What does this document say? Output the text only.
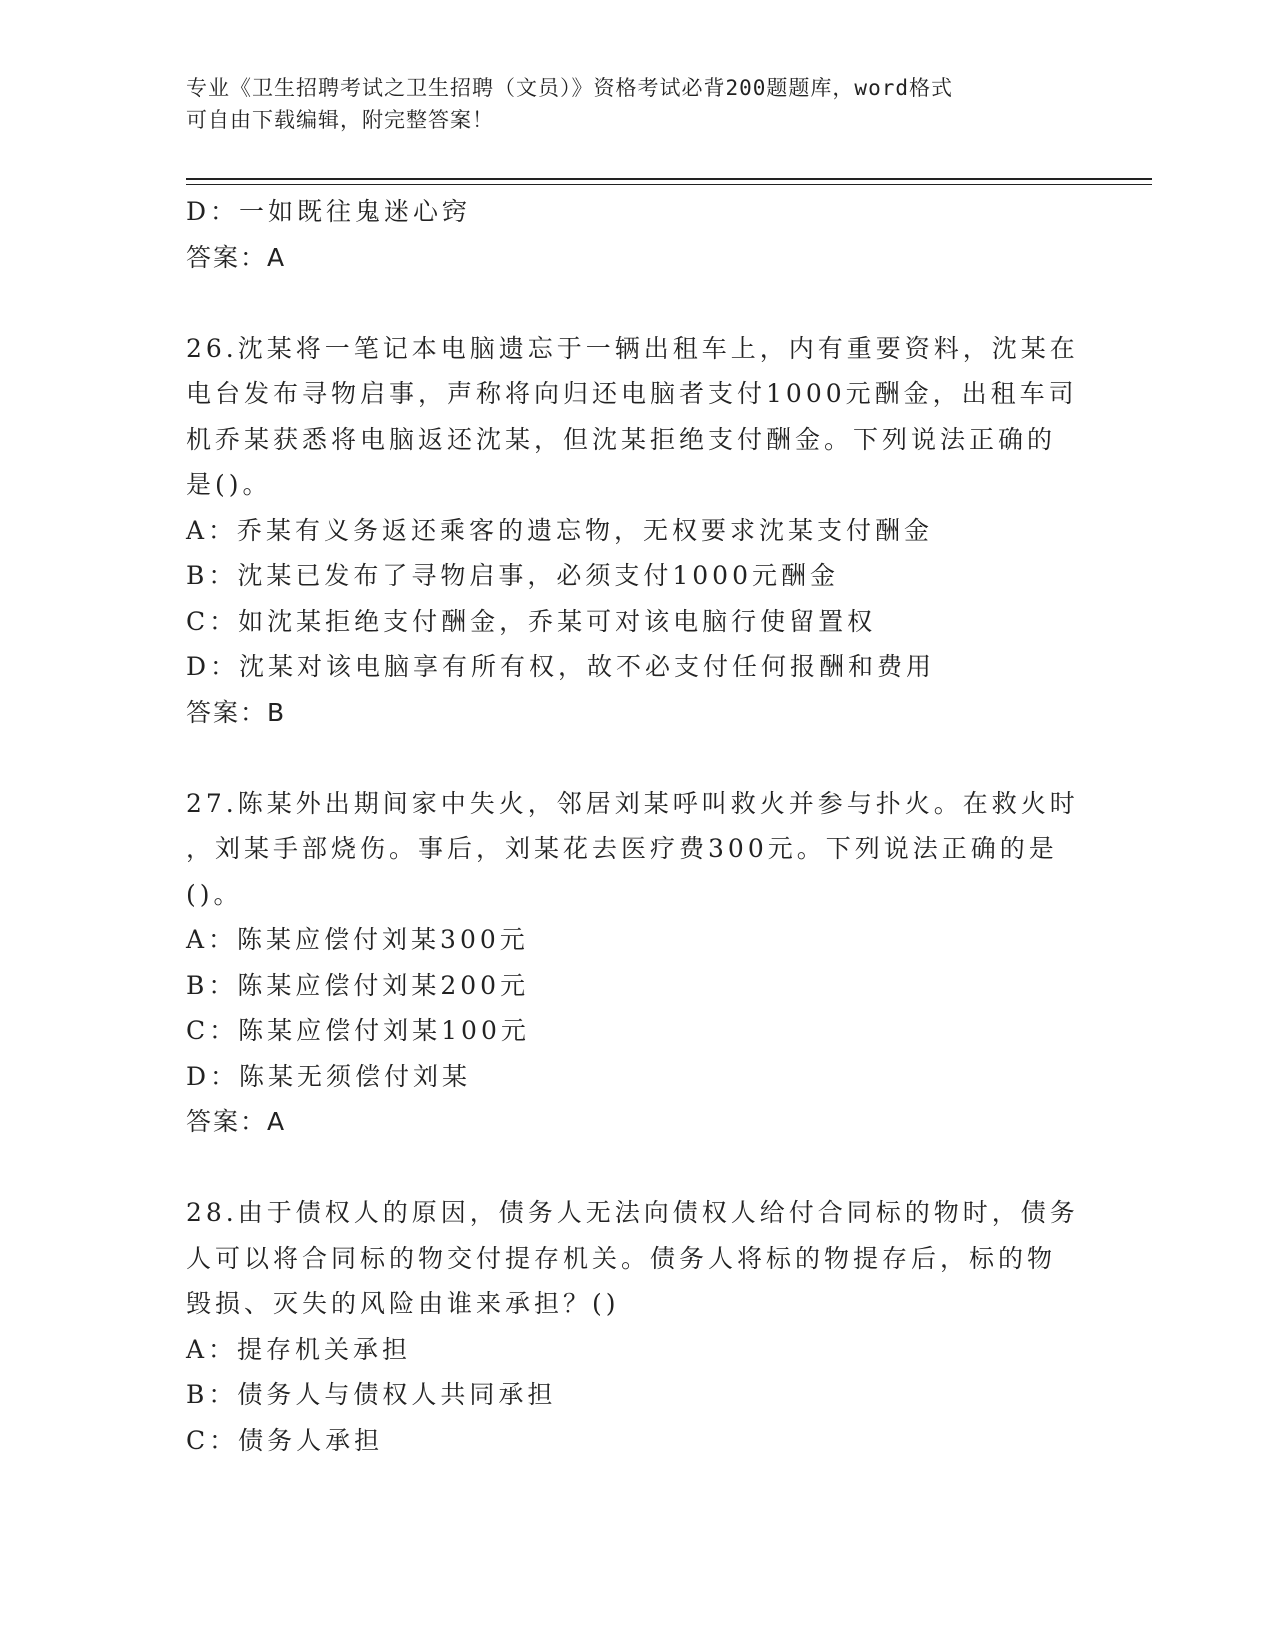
专业《卫生招聘考试之卫生招聘（文员）》资格考试必背200题题库，word格式
可自由下载编辑，附完整答案！
D：一如既往鬼迷心窍
答案：A
26.沈某将一笔记本电脑遗忘于一辆出租车上，内有重要资料，沈某在
电台发布寻物启事，声称将向归还电脑者支付1000元酬金，出租车司
机乔某获悉将电脑返还沈某，但沈某拒绝支付酬金。下列说法正确的
是()。
A：乔某有义务返还乘客的遗忘物，无权要求沈某支付酬金
B：沈某已发布了寻物启事，必须支付1000元酬金
C：如沈某拒绝支付酬金，乔某可对该电脑行使留置权
D：沈某对该电脑享有所有权，故不必支付任何报酬和费用
答案：B
27.陈某外出期间家中失火，邻居刘某呼叫救火并参与扑火。在救火时
，刘某手部烧伤。事后，刘某花去医疗费300元。下列说法正确的是
()。
A：陈某应偿付刘某300元
B：陈某应偿付刘某200元
C：陈某应偿付刘某100元
D：陈某无须偿付刘某
答案：A
28.由于债权人的原因，债务人无法向债权人给付合同标的物时，债务
人可以将合同标的物交付提存机关。债务人将标的物提存后，标的物
毁损、灭失的风险由谁来承担？()
A：提存机关承担
B：债务人与债权人共同承担
C：债务人承担
